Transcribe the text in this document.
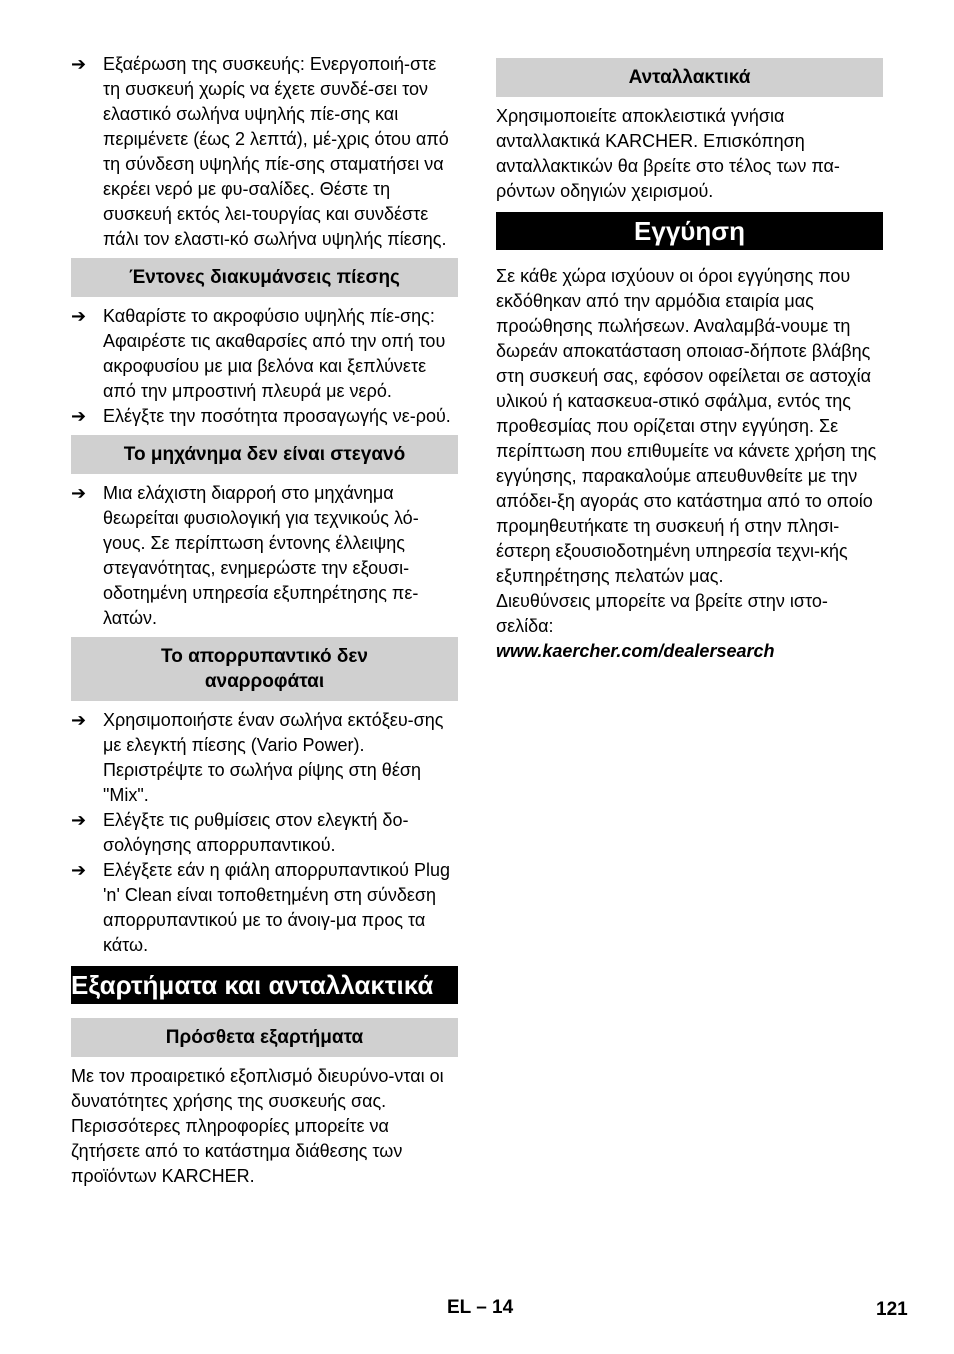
➔ Εξαέρωση της συσκευής: Ενεργοποιή-στε τη συσκευή χωρίς να έχετε συνδέ-σει τον ελαστικό σωλήνα υψηλής πίε-σης και περιμένετε (έως 2 λεπτά), μέ-χρις ότου από τη σύνδεση υψηλής πίε-σης σταματήσει να εκρέει νερό με φυ-σαλίδες. Θέστε τη συσκευή εκτός λει-τουργίας και συνδέστε πάλι τον ελαστι-κό σωλήνα υψηλής πίεσης.
Έντονες διακυμάνσεις πίεσης
➔ Καθαρίστε το ακροφύσιο υψηλής πίε-σης: Αφαιρέστε τις ακαθαρσίες από την οπή του ακροφυσίου με μια βελόνα και ξεπλύνετε από την μπροστινή πλευρά με νερό.
➔ Ελέγξτε την ποσότητα προσαγωγής νε-ρού.
Το μηχάνημα δεν είναι στεγανό
➔ Μια ελάχιστη διαρροή στο μηχάνημα θεωρείται φυσιολογική για τεχνικούς λό-γους. Σε περίπτωση έντονης έλλειψης στεγανότητας, ενημερώστε την εξουσι-οδοτημένη υπηρεσία εξυπηρέτησης πε-λατών.
Το απορρυπαντικό δεν
αναρροφάται
➔ Χρησιμοποιήστε έναν σωλήνα εκτόξευ-σης με ελεγκτή πίεσης (Vario Power). Περιστρέψτε το σωλήνα ρίψης στη θέση "Mix".
➔ Ελέγξτε τις ρυθμίσεις στον ελεγκτή δο-σολόγησης απορρυπαντικού.
➔ Ελέγξετε εάν η φιάλη απορρυπαντικού Plug 'n' Clean είναι τοποθετημένη στη σύνδεση απορρυπαντικού με το άνοιγ-μα προς τα κάτω.
Εξαρτήματα και ανταλλακτικά
Πρόσθετα εξαρτήματα

Με τον προαιρετικό εξοπλισμό διευρύνο-νται οι δυνατότητες χρήσης της συσκευής σας. Περισσότερες πληροφορίες μπορείτε να ζητήσετε από το κατάστημα διάθεσης των προϊόντων KARCHER.

Ανταλλακτικά

Χρησιμοποιείτε αποκλειστικά γνήσια ανταλλακτικά KARCHER. Επισκόπηση ανταλλακτικών θα βρείτε στο τέλος των πα-ρόντων οδηγιών χειρισμού.

Εγγύηση

Σε κάθε χώρα ισχύουν οι όροι εγγύησης που εκδόθηκαν από την αρμόδια εταιρία μας προώθησης πωλήσεων. Αναλαμβά-νουμε τη δωρεάν αποκατάσταση οποιασ-δήποτε βλάβης στη συσκευή σας, εφόσον οφείλεται σε αστοχία υλικού ή κατασκευα-στικό σφάλμα, εντός της προθεσμίας που ορίζεται στην εγγύηση. Σε περίπτωση που επιθυμείτε να κάνετε χρήση της εγγύησης, παρακαλούμε απευθυνθείτε με την απόδει-ξη αγοράς στο κατάστημα από το οποίο προμηθευτήκατε τη συσκευή ή στην πλησι-έστερη εξουσιοδοτημένη υπηρεσία τεχνι-κής εξυπηρέτησης πελατών μας.

Διευθύνσεις μπορείτε να βρείτε στην ιστο-σελίδα:

www.kaercher.com/dealersearch

EL – 14	121
